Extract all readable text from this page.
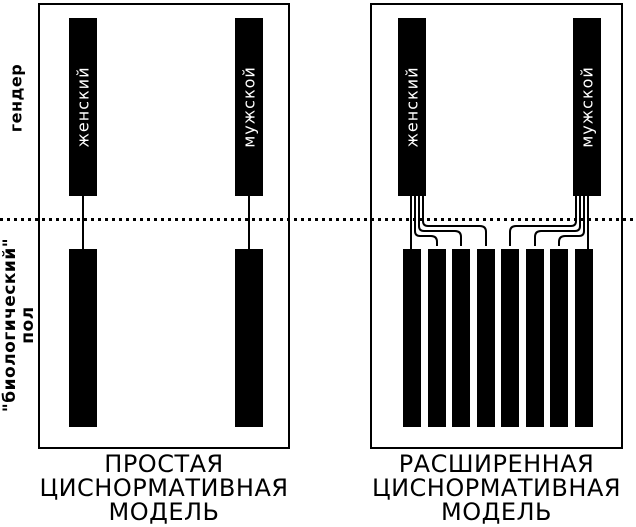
женский	мужской	женский	мужской
гендер
"биологический"
пол
ПРОСТАЯ
ЦИСНОРМАТИВНАЯ
МОДЕЛЬ
РАСШИРЕННАЯ
ЦИСНОРМАТИВНАЯ
МОДЕЛЬ
